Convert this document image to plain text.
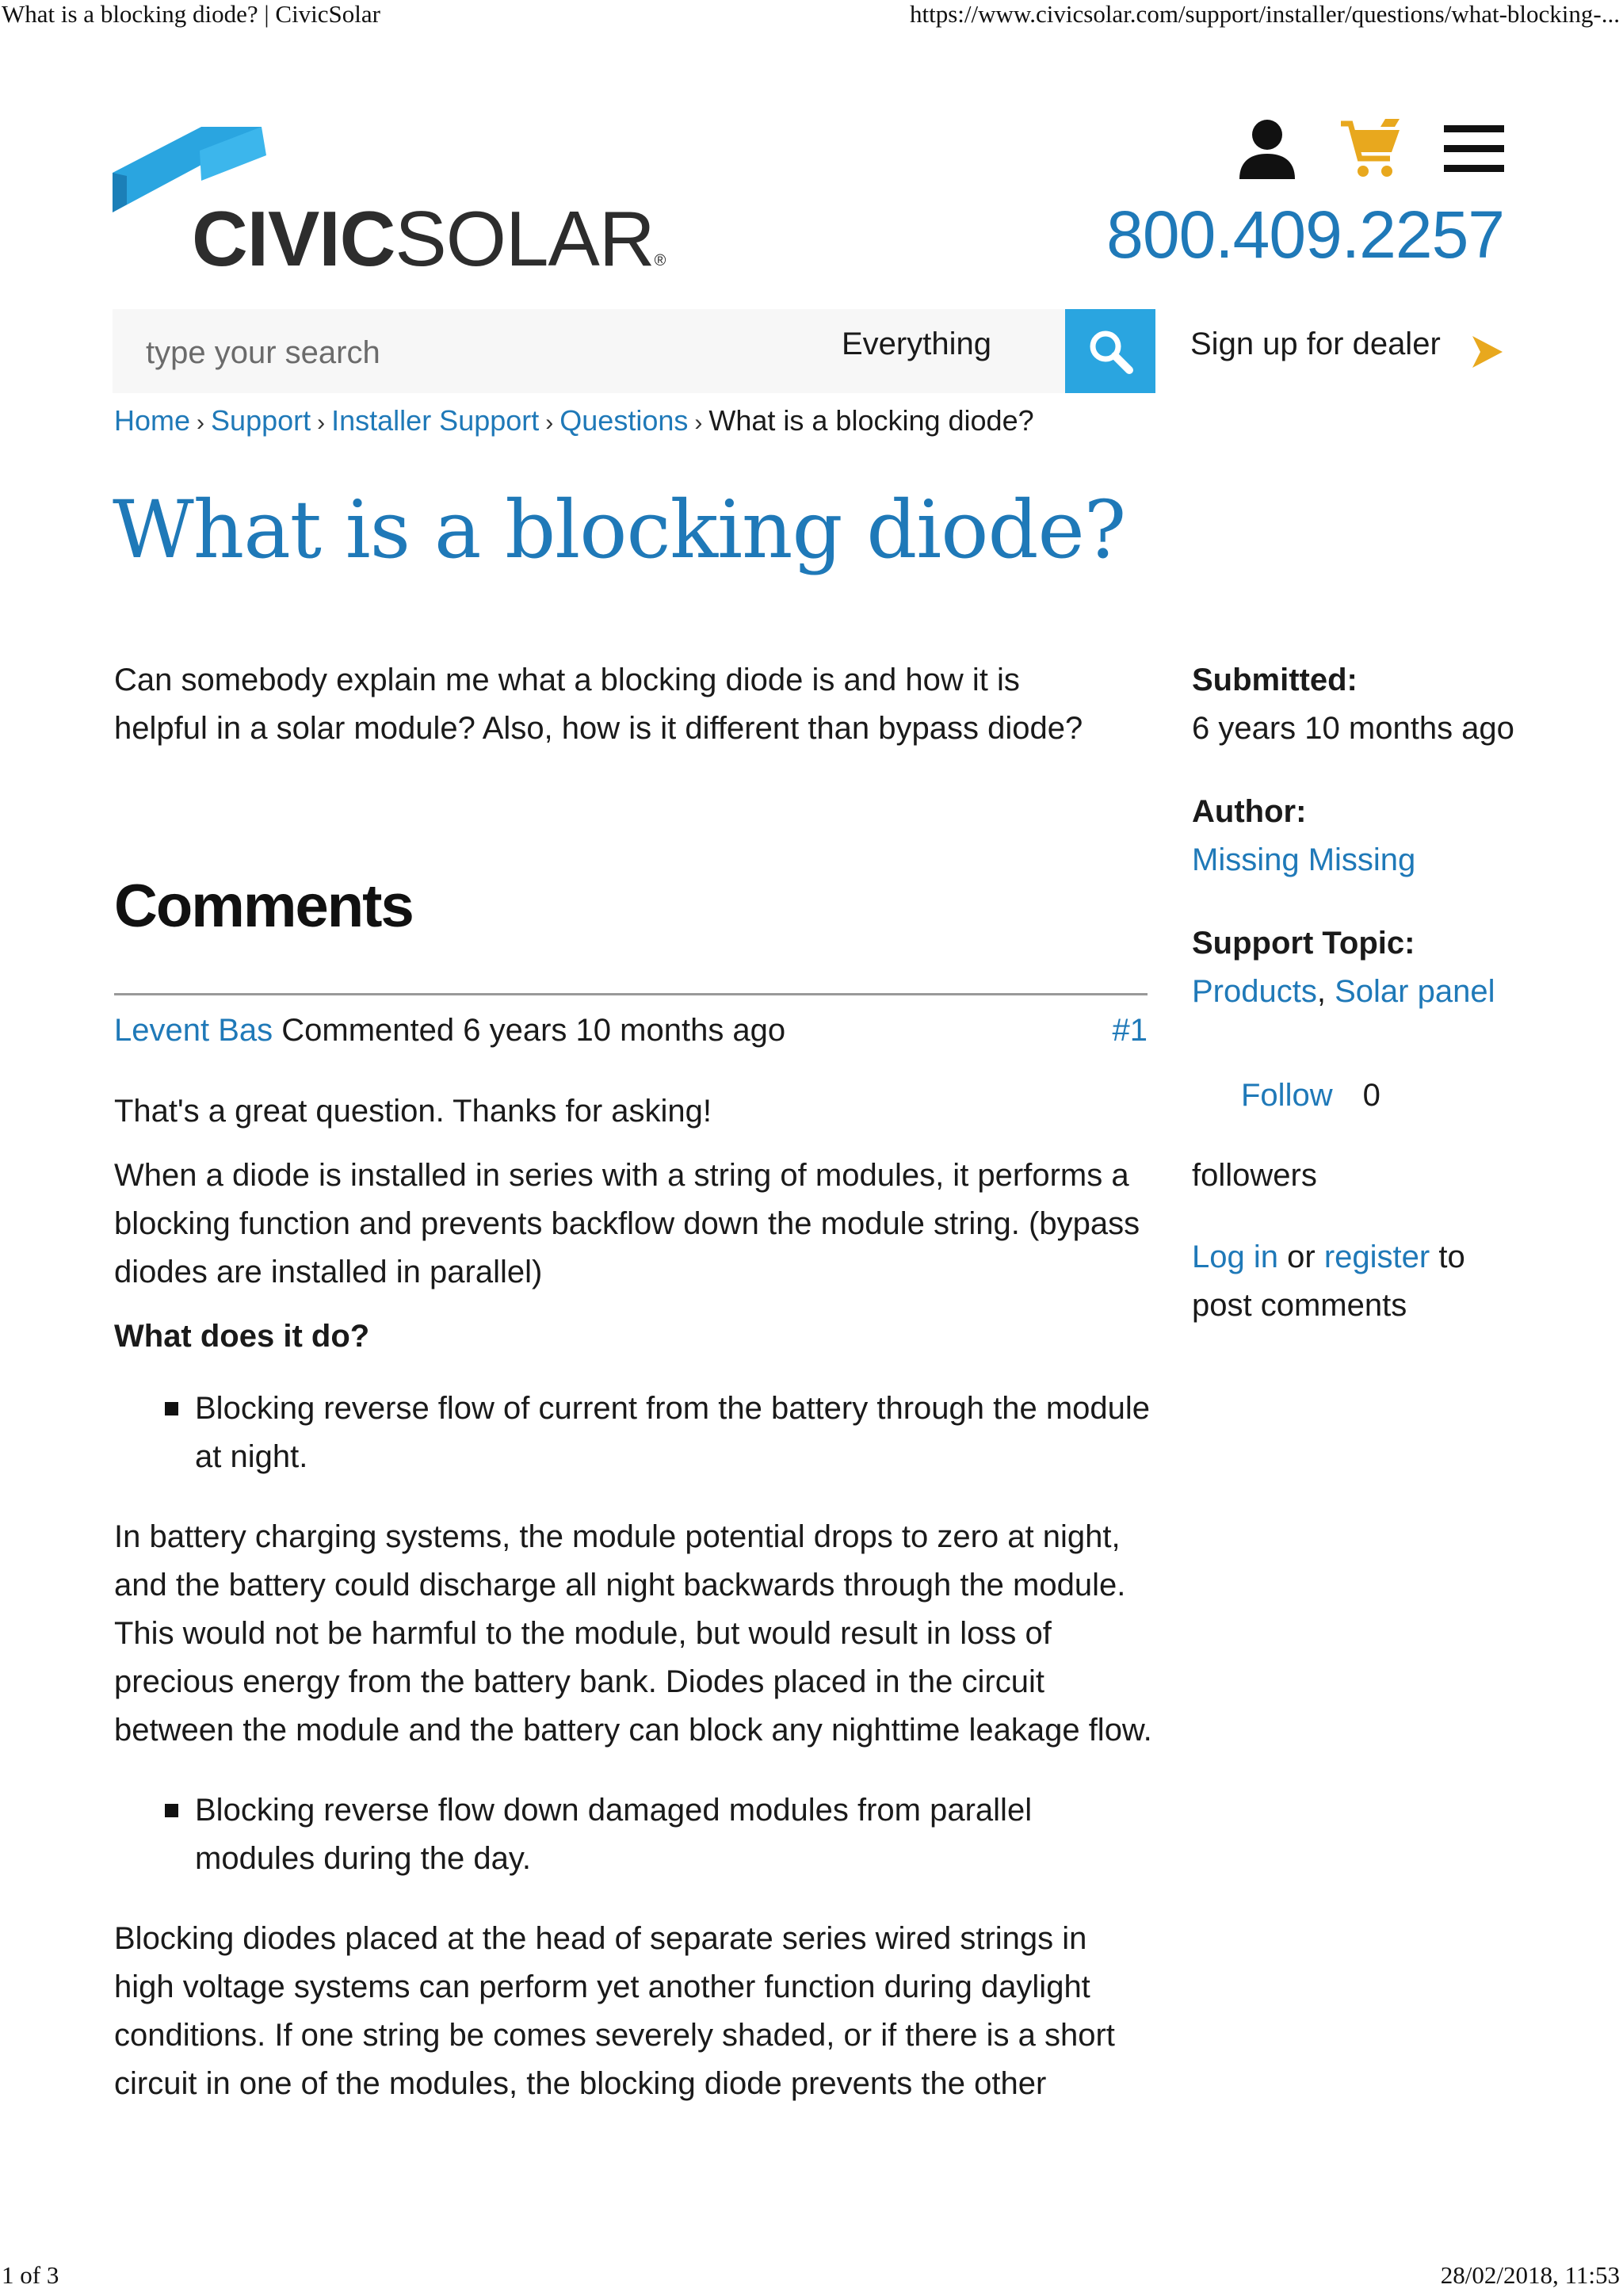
What is a blocking diode? | CivicSolar	https://www.civicsolar.com/support/installer/questions/what-blocking-...
CIVICSOLAR®	800.409.2257
type your search
Everything	Sign up for dealer
Home › Support › Installer Support › Questions › What is a blocking diode?
What is a blocking diode?

Can somebody explain me what a blocking diode is and how it is
helpful in a solar module? Also, how is it different than bypass diode?

Comments
Levent Bas Commented 6 years 10 months ago	#1

That's a great question. Thanks for asking!

When a diode is installed in series with a string of modules, it performs a blocking function and prevents backflow down the module string. (bypass diodes are installed in parallel)

What does it do?

Blocking reverse flow of current from the battery through the module at night.

In battery charging systems, the module potential drops to zero at night, and the battery could discharge all night backwards through the module. This would not be harmful to the module, but would result in loss of precious energy from the battery bank. Diodes placed in the circuit between the module and the battery can block any nighttime leakage flow.

Blocking reverse flow down damaged modules from parallel modules during the day.

Blocking diodes placed at the head of separate series wired strings in high voltage systems can perform yet another function during daylight conditions. If one string be comes severely shaded, or if there is a short circuit in one of the modules, the blocking diode prevents the other

Submitted:
6 years 10 months ago
Author:
Missing Missing
Support Topic:
Products, Solar panel
Follow 0
followers
Log in or register to post comments
1 of 3	28/02/2018, 11:53
